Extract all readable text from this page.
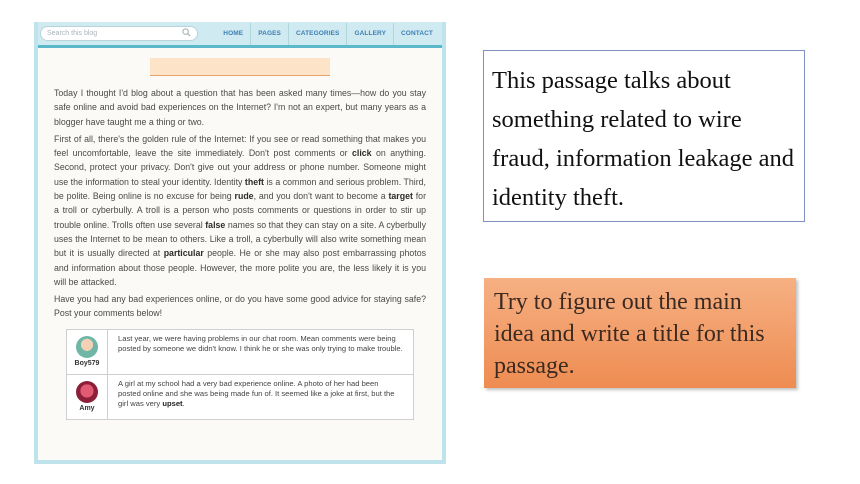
Search this blog	HOME	PAGES	CATEGORIES	GALLERY	CONTACT

Today I thought I'd blog about a question that has been asked many times—how do you stay safe online and avoid bad experiences on the Internet? I'm not an expert, but many years as a blogger have taught me a thing or two.

First of all, there's the golden rule of the Internet: If you see or read something that makes you feel uncomfortable, leave the site immediately. Don't post comments or click on anything. Second, protect your privacy. Don't give out your address or phone number. Someone might use the information to steal your identity. Identity theft is a common and serious problem. Third, be polite. Being online is no excuse for being rude, and you don't want to become a target for a troll or cyberbully. A troll is a person who posts comments or questions in order to stir up trouble online. Trolls often use several false names so that they can stay on a site. A cyberbully uses the Internet to be mean to others. Like a troll, a cyberbully will also write something mean but it is usually directed at particular people. He or she may also post embarrassing photos and information about those people. However, the more polite you are, the less likely it is you will be attacked.

Have you had any bad experiences online, or do you have some good advice for staying safe? Post your comments below!

Boy579
Last year, we were having problems in our chat room. Mean comments were being posted by someone we didn't know. I think he or she was only trying to make trouble.
Amy
A girl at my school had a very bad experience online. A photo of her had been posted online and she was being made fun of. It seemed like a joke at first, but the girl was very upset.

This passage talks about something related to wire fraud, information leakage and identity theft.

Try to figure out the main idea and write a title for this passage.
